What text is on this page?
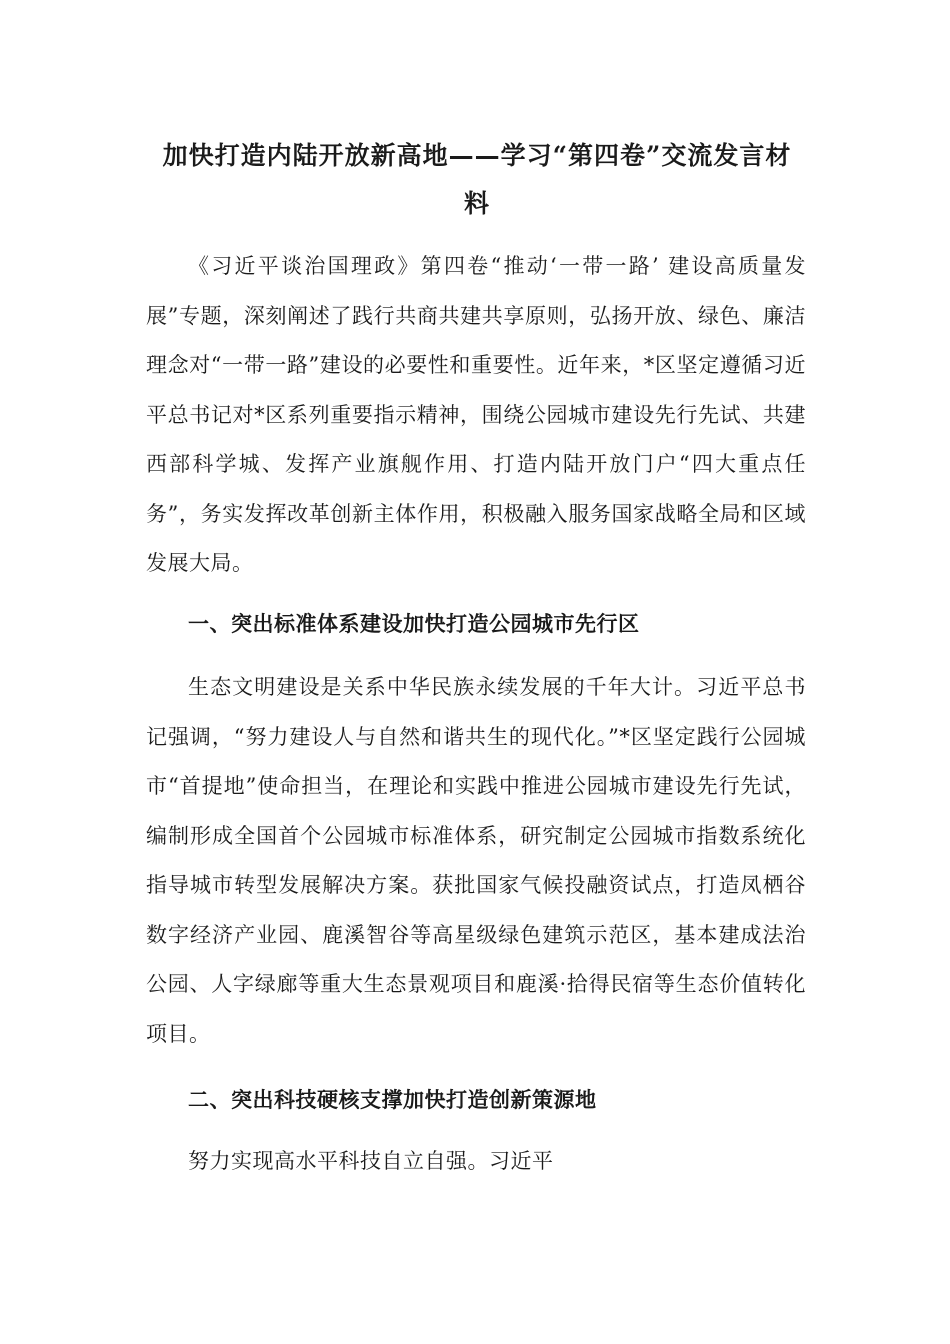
加快打造内陆开放新高地——学习“第四卷”交流发言材料

《习近平谈治国理政》第四卷“推动‘一带一路’ 建设高质量发展”专题，深刻阐述了践行共商共建共享原则，弘扬开放、绿色、廉洁理念对“一带一路”建设的必要性和重要性。近年来，*区坚定遵循习近平总书记对*区系列重要指示精神，围绕公园城市建设先行先试、共建西部科学城、发挥产业旗舰作用、打造内陆开放门户“四大重点任务”，务实发挥改革创新主体作用，积极融入服务国家战略全局和区域发展大局。

一、突出标准体系建设加快打造公园城市先行区

生态文明建设是关系中华民族永续发展的千年大计。习近平总书记强调，“努力建设人与自然和谐共生的现代化。”*区坚定践行公园城市“首提地”使命担当，在理论和实践中推进公园城市建设先行先试，编制形成全国首个公园城市标准体系，研究制定公园城市指数系统化指导城市转型发展解决方案。获批国家气候投融资试点，打造凤栖谷数字经济产业园、鹿溪智谷等高星级绿色建筑示范区，基本建成法治公园、人字绿廊等重大生态景观项目和鹿溪·拾得民宿等生态价值转化项目。

二、突出科技硬核支撑加快打造创新策源地

努力实现高水平科技自立自强。习近平
